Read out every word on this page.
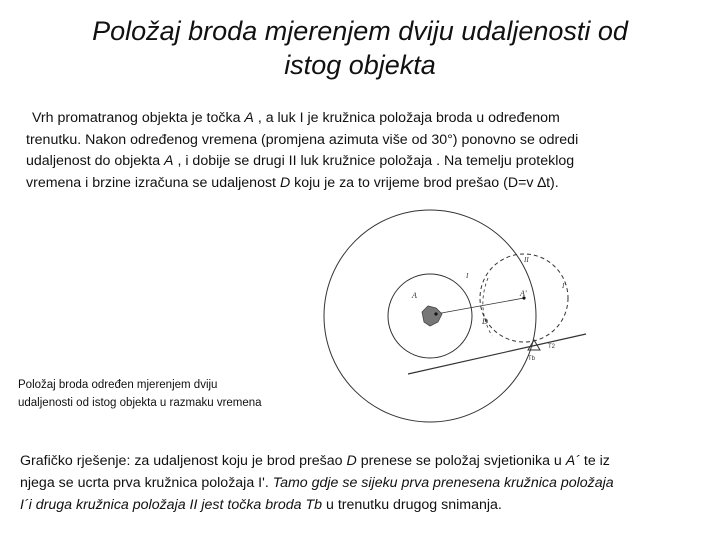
Položaj broda mjerenjem dviju udaljenosti od
istog objekta
Vrh promatranog objekta je točka A , a luk I je kružnica položaja broda u određenom
trenutku. Nakon određenog vremena (promjena azimuta više od 30°) ponovno se odredi
udaljenost do objekta A , i dobije se drugi II luk kružnice položaja . Na temelju proteklog
vremena i brzine izračuna se udaljenost D koju je za to vrijeme brod prešao (D=v ∆t).
A	A'
D
II
I
I'
Tb
T2
Položaj broda određen mjerenjem dviju
udaljenosti od istog objekta u razmaku vremena
Grafičko rješenje: za udaljenost koju je brod prešao D prenese se položaj svjetionika u A´ te iz
njega se ucrta prva kružnica položaja I'. Tamo gdje se sijeku prva prenesena kružnica položaja
I´i druga kružnica položaja II jest točka broda Tb u trenutku drugog snimanja.
